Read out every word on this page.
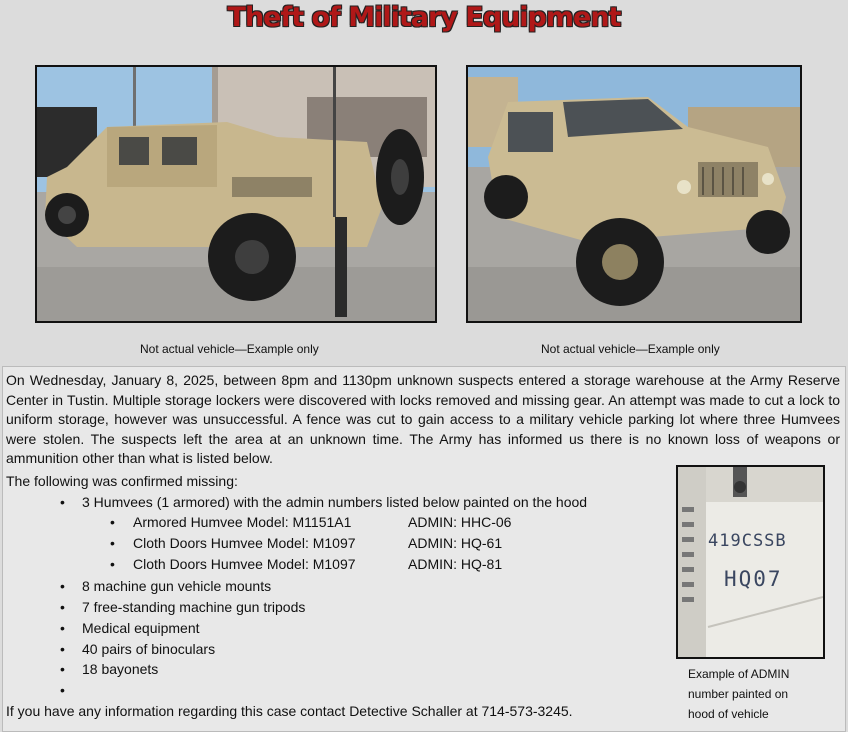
Theft of Military Equipment
Not actual vehicle—Example only	Not actual vehicle—Example only
On Wednesday, January 8, 2025, between 8pm and 1130pm unknown suspects entered a storage warehouse at the Army Reserve Center in Tustin. Multiple storage lockers were discovered with locks removed and missing gear. An attempt was made to cut a lock to uniform storage, however was unsuccessful. A fence was cut to gain access to a military vehicle parking lot where three Humvees were stolen. The suspects left the area at an unknown time. The Army has informed us there is no known loss of weapons or ammunition other than what is listed below.
The following was confirmed missing:
• 3 Humvees (1 armored) with the admin numbers listed below painted on the hood
• Armored Humvee Model: M1151A1	ADMIN: HHC-06
• Cloth Doors Humvee Model: M1097	ADMIN: HQ-61
• Cloth Doors Humvee Model: M1097	ADMIN: HQ-81
• 8 machine gun vehicle mounts
• 7 free-standing machine gun tripods
• Medical equipment
• 40 pairs of binoculars
• 18 bayonets
•
If you have any information regarding this case contact Detective Schaller at 714-573-3245.
419CSSB
HQ07
Example of ADMIN number painted on hood of vehicle
